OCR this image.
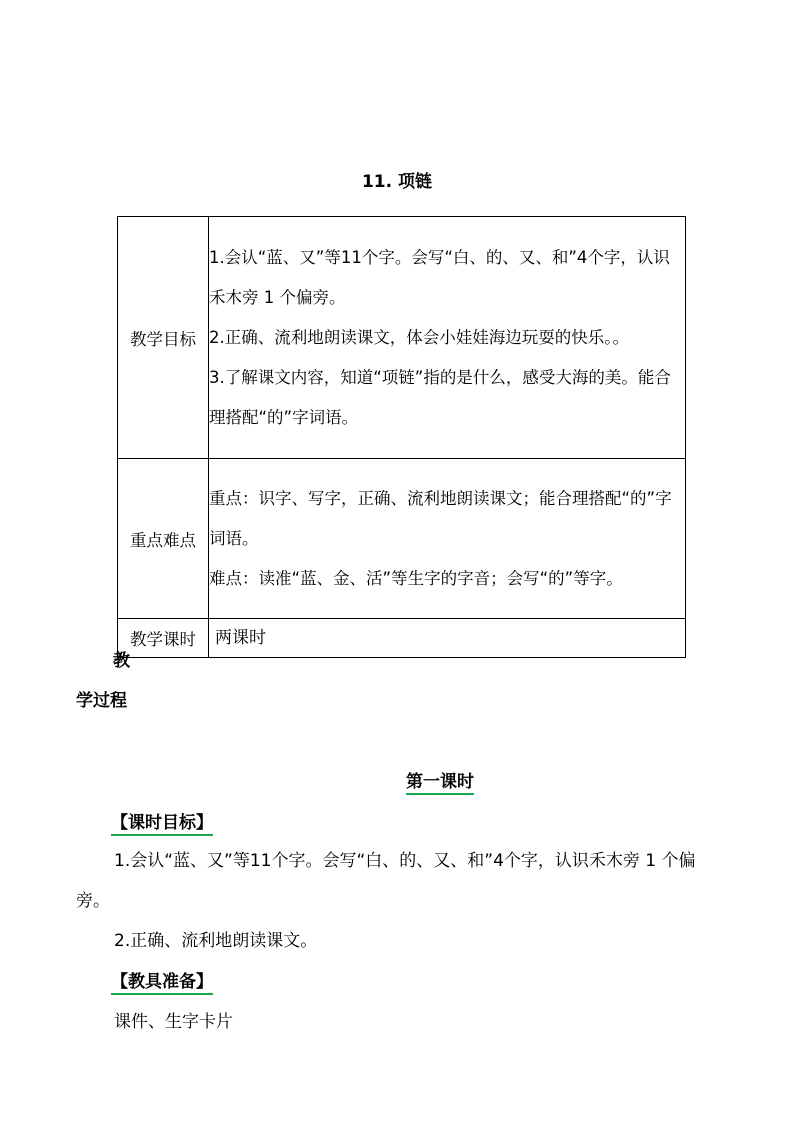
11. 项链
教学目标	1.会认“蓝、又”等11个字。会写“白、的、又、和”4个字，认识禾木旁 1 个偏旁。

2.正确、流利地朗读课文，体会小娃娃海边玩耍的快乐。。

3.了解课文内容，知道“项链”指的是什么，感受大海的美。能合理搭配“的”字词语。

重点难点	重点：识字、写字，正确、流利地朗读课文；能合理搭配“的”字词语。

难点：读准“蓝、金、活”等生字的字音；会写“的”等字。

教学课时	两课时
教
学过程
第一课时
【课时目标】

1.会认“蓝、又”等11个字。会写“白、的、又、和”4个字，认识禾木旁 1 个偏旁。

2.正确、流利地朗读课文。

【教具准备】

课件、生字卡片
